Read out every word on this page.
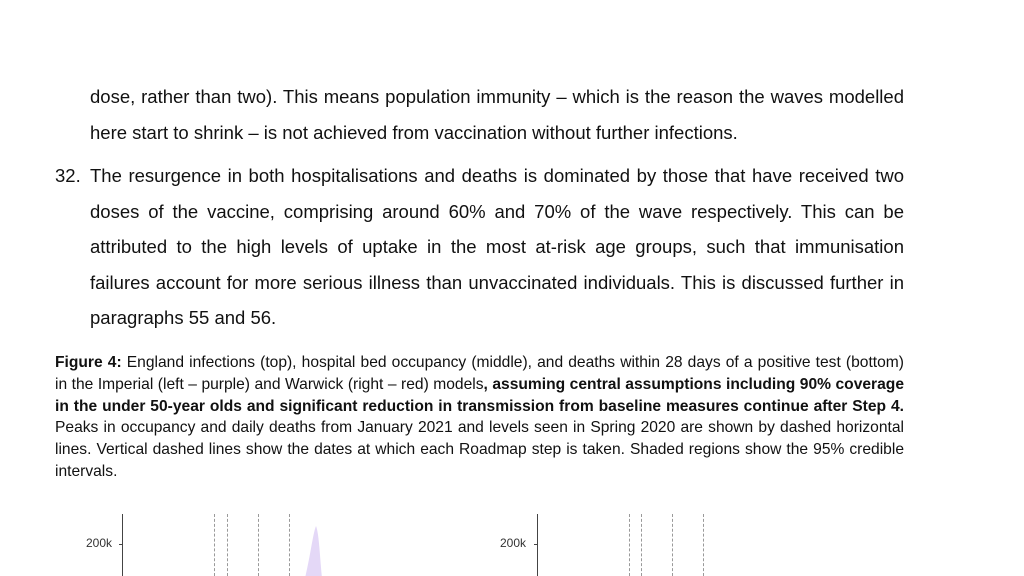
dose, rather than two). This means population immunity – which is the reason the waves modelled here start to shrink – is not achieved from vaccination without further infections.
32. The resurgence in both hospitalisations and deaths is dominated by those that have received two doses of the vaccine, comprising around 60% and 70% of the wave respectively. This can be attributed to the high levels of uptake in the most at-risk age groups, such that immunisation failures account for more serious illness than unvaccinated individuals. This is discussed further in paragraphs 55 and 56.
Figure 4: England infections (top), hospital bed occupancy (middle), and deaths within 28 days of a positive test (bottom) in the Imperial (left – purple) and Warwick (right – red) models, assuming central assumptions including 90% coverage in the under 50-year olds and significant reduction in transmission from baseline measures continue after Step 4. Peaks in occupancy and daily deaths from January 2021 and levels seen in Spring 2020 are shown by dashed horizontal lines. Vertical dashed lines show the dates at which each Roadmap step is taken. Shaded regions show the 95% credible intervals.
200k	200k
